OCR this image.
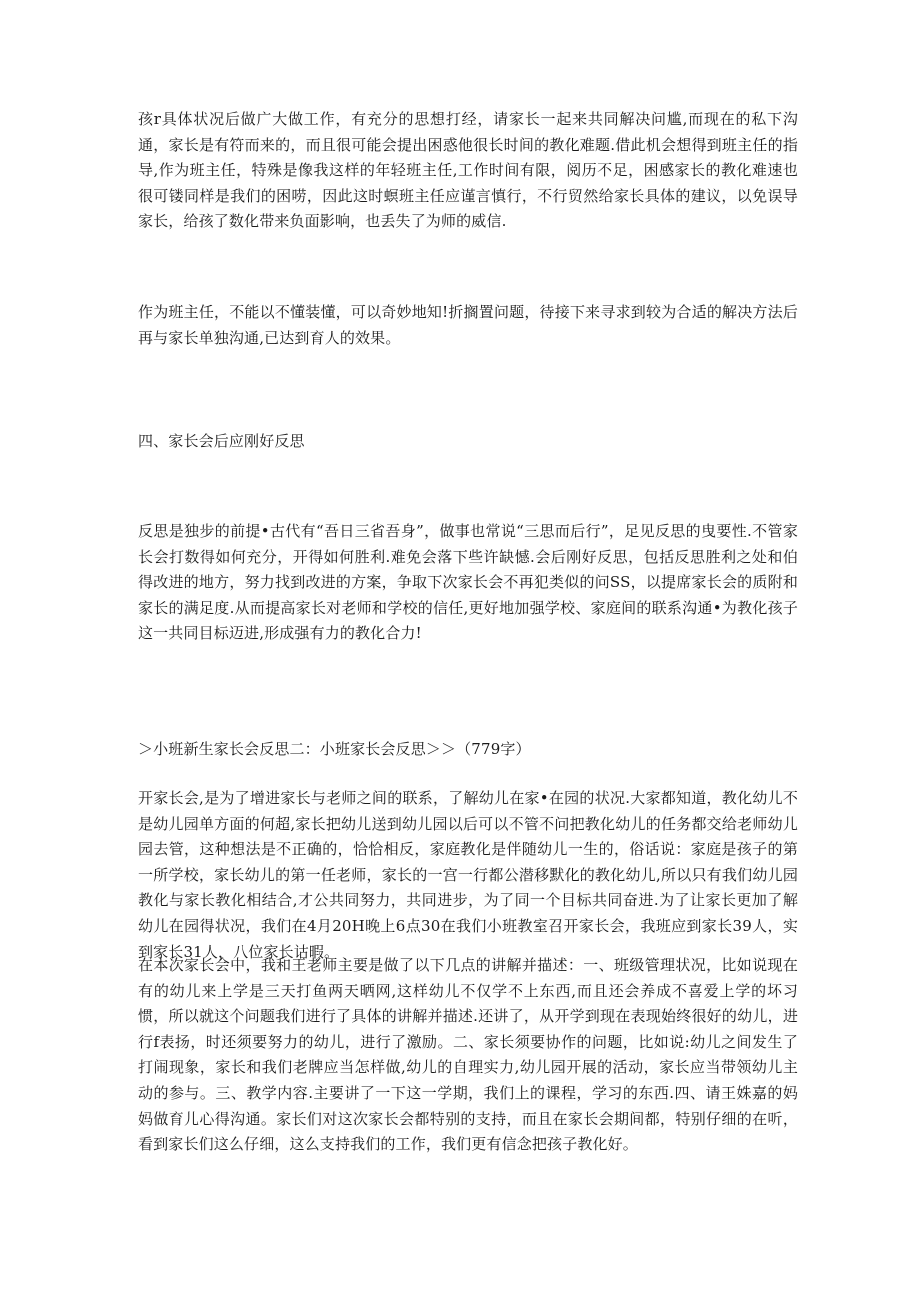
孩r具体状况后做广大做工作，有充分的思想打经，请家长一起来共同解决问尴,而现在的私下沟通，家长是有符而来的，而且很可能会提出困惑他很长时间的教化难题.借此机会想得到班主任的指导,作为班主任，特殊是像我这样的年轻班主任,工作时间有限，阅历不足，困感家长的教化难速也很可镂同样是我们的困唠，因此这时螟班主任应谨言慎行，不行贸然给家长具体的建议，以免误导家长，给孩了数化带来负面影响，也丢失了为师的威信.

作为班主任，不能以不懂装懂，可以奇妙地知!折搁置问题，待接下来寻求到较为合适的解决方法后再与家长单独沟通,已达到育人的效果。

四、家长会后应刚好反思

反思是独步的前提•古代有“吾日三省吾身”，做事也常说“三思而后行”，足见反思的曳要性.不管家长会打数得如何充分，开得如何胜利.难免会落下些许缺憾.会后刚好反思，包括反思胜利之处和伯得改进的地方，努力找到改进的方案，争取下次家长会不再犯类似的问SS，以提席家长会的质附和家长的满足度.从而提高家长对老师和学校的信任,更好地加强学校、家庭间的联系沟通•为教化孩子这一共同目标迈进,形成强有力的教化合力!

＞小班新生家长会反思二：小班家长会反思＞＞（779字）

开家长会,是为了增进家长与老师之间的联系，了解幼儿在家•在园的状况.大家都知道，教化幼儿不是幼儿园单方面的何超,家长把幼儿送到幼儿园以后可以不管不问把教化幼儿的任务都交给老师幼儿园去管，这种想法是不正确的，恰恰相反，家庭教化是伴随幼儿一生的，俗话说：家庭是孩子的第一所学校，家长幼儿的第一任老师，家长的一宫一行都公潜移默化的教化幼儿,所以只有我们幼儿园教化与家长教化相结合,才公共同努力，共同进步，为了同一个目标共同奋进.为了让家长更加了解幼儿在园得状况，我们在4月20H晚上6点30在我们小班教室召开家长会，我班应到家长39人，实到家长31人，八位家长诂暇。

在本次家长会中，我和王老师主要是做了以下几点的讲解并描述：一、班级管理状况，比如说现在有的幼儿来上学是三天打鱼两天晒网,这样幼儿不仅学不上东西,而且还会养成不喜爱上学的坏习惯，所以就这个问题我们进行了具体的讲解并描述.还讲了，从开学到现在表现始终很好的幼儿，进行f表扬，时还须要努力的幼儿，进行了激励。二、家长须要协作的问题，比如说:幼儿之间发生了打闹现象，家长和我们老牌应当怎样做,幼儿的自理实力,幼儿园开展的活动，家长应当带领幼儿主动的参与。三、教学内容.主要讲了一下这一学期，我们上的课程，学习的东西.四、请王姝嘉的妈妈做育儿心得沟通。家长们对这次家长会都特别的支持，而且在家长会期间都，特别仔细的在听，看到家长们这么仔细，这么支持我们的工作，我们更有信念把孩子教化好。
